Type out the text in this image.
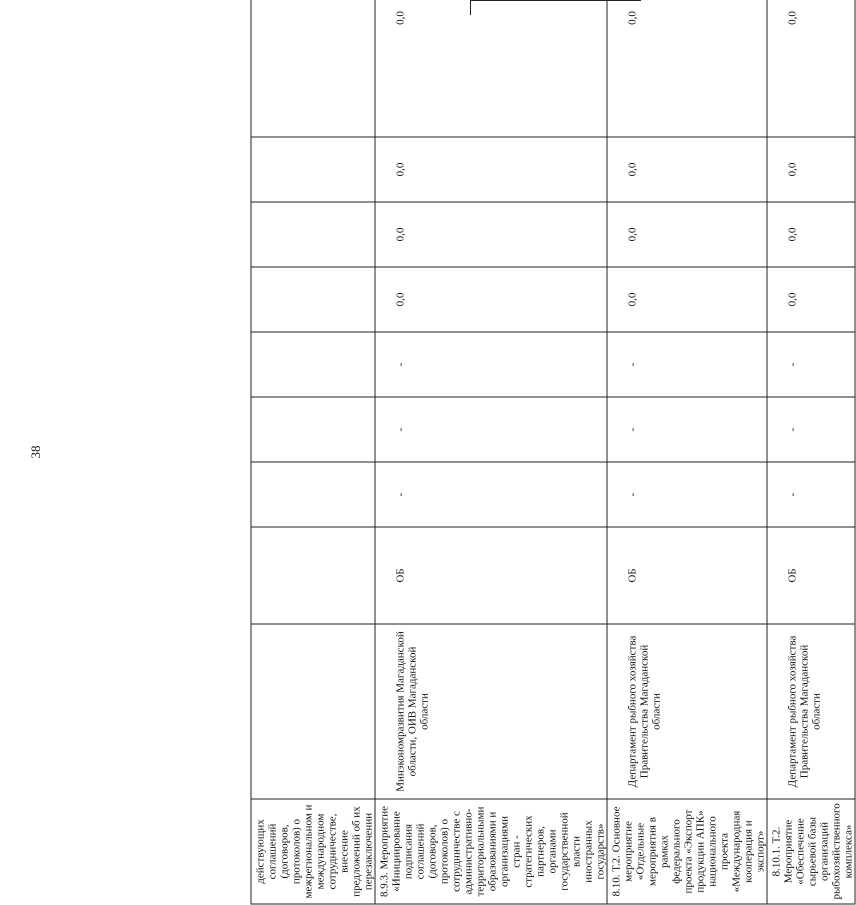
38
действующих соглашений (договоров, протоколов) о межрегиональном и международном сотрудничестве, внесение предложений об их перезаключении	

8.9.3. Мероприятие «Инициирование подписания соглашений (договоров, протоколов) о сотрудничестве с административно-территориальными образованиями и организациями стран - стратегических партнеров, органами государственной власти иностранных государств»	Минэкономразвития Магаданской области, ОИВ Магаданской области	ОБ	-	-	-	0,0	0,0	0,0	0,0

8.10. Т.2. Основное мероприятие «Отдельные мероприятия в рамках федерального проекта «Экспорт продукции АПК» национального проекта «Международная кооперация и экспорт»	Департамент рыбного хозяйства Правительства Магаданской области	ОБ	-	-	-	0,0	0,0	0,0	0,0

8.10.1. Т.2. Мероприятие «Обеспечение сырьевой базы организаций рыбохозяйственного комплекса»	Департамент рыбного хозяйства Правительства Магаданской области	ОБ	-	-	-	0,0	0,0	0,0	0,0
